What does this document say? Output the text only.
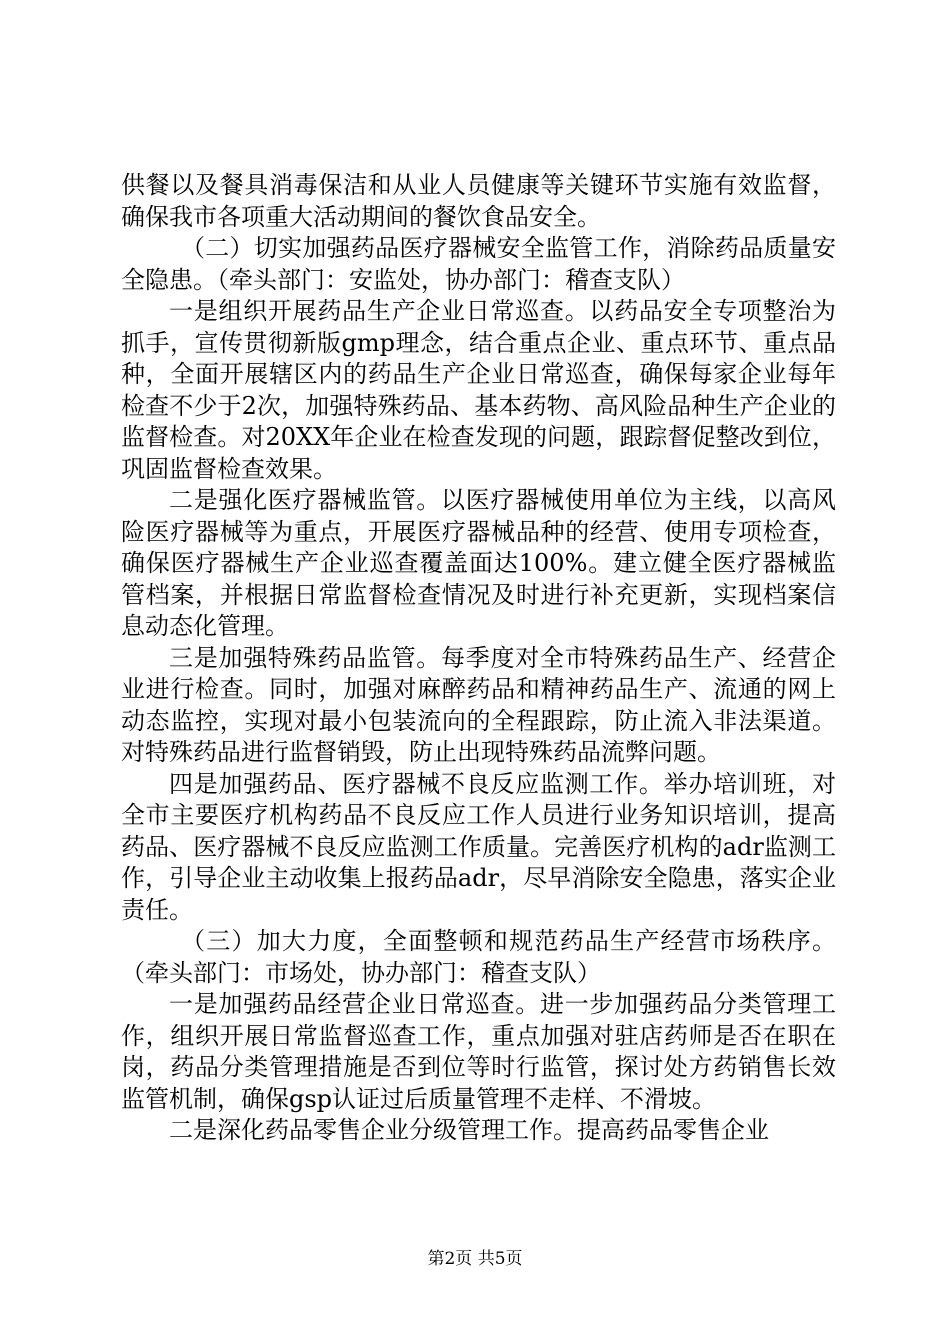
供餐以及餐具消毒保洁和从业人员健康等关键环节实施有效监督，确保我市各项重大活动期间的餐饮食品安全。

（二）切实加强药品医疗器械安全监管工作，消除药品质量安全隐患。（牵头部门：安监处，协办部门：稽查支队）

一是组织开展药品生产企业日常巡查。以药品安全专项整治为抓手，宣传贯彻新版gmp理念，结合重点企业、重点环节、重点品种，全面开展辖区内的药品生产企业日常巡查，确保每家企业每年检查不少于2次，加强特殊药品、基本药物、高风险品种生产企业的监督检查。对20XX年企业在检查发现的问题，跟踪督促整改到位，巩固监督检查效果。

二是强化医疗器械监管。以医疗器械使用单位为主线，以高风险医疗器械等为重点，开展医疗器械品种的经营、使用专项检查，确保医疗器械生产企业巡查覆盖面达100%。建立健全医疗器械监管档案，并根据日常监督检查情况及时进行补充更新，实现档案信息动态化管理。

三是加强特殊药品监管。每季度对全市特殊药品生产、经营企业进行检查。同时，加强对麻醉药品和精神药品生产、流通的网上动态监控，实现对最小包装流向的全程跟踪，防止流入非法渠道。对特殊药品进行监督销毁，防止出现特殊药品流弊问题。

四是加强药品、医疗器械不良反应监测工作。举办培训班，对全市主要医疗机构药品不良反应工作人员进行业务知识培训，提高药品、医疗器械不良反应监测工作质量。完善医疗机构的adr监测工作，引导企业主动收集上报药品adr，尽早消除安全隐患，落实企业责任。

（三）加大力度，全面整顿和规范药品生产经营市场秩序。（牵头部门：市场处，协办部门：稽查支队）

一是加强药品经营企业日常巡查。进一步加强药品分类管理工作，组织开展日常监督巡查工作，重点加强对驻店药师是否在职在岗，药品分类管理措施是否到位等时行监管，探讨处方药销售长效监管机制，确保gsp认证过后质量管理不走样、不滑坡。

二是深化药品零售企业分级管理工作。提高药品零售企业

第2页 共5页
